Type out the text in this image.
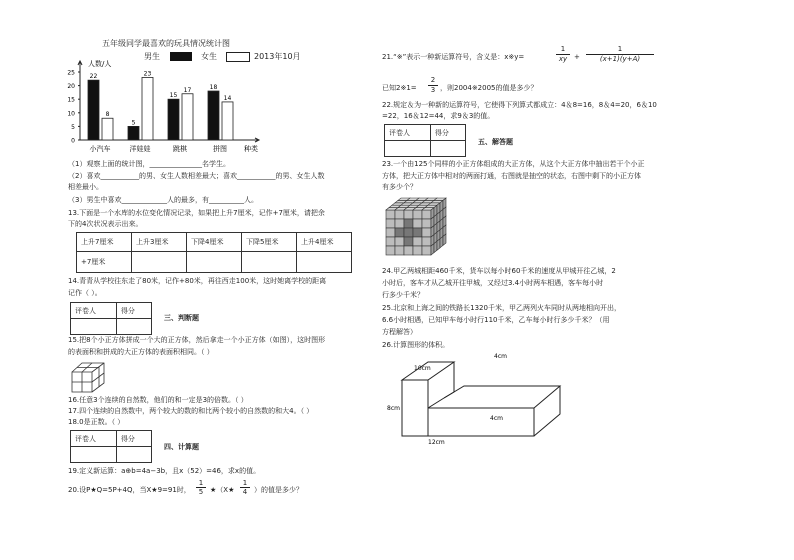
五年级同学最喜欢的玩具情况统计图
男生	女生	2013年10月
人数/人
种类
0
5
10
15
20
25
22
8
小汽车
5
23
洋娃娃
15
17
跳棋
18
14
拼图
（1）观察上面的统计图，_______________名学生。
（2）喜欢___________的男、女生人数相差最大；喜欢___________的男、女生人数
相差最小。
（3）男生中喜欢_____________人的最多，有__________人。
13.下面是一个水库的水位变化情况记录，如果把上升7厘米，记作+7厘米，请把余
下的4次状况表示出来。
上升7厘米	上升3厘米	下降4厘米	下降5厘米	上升4厘米
+7厘米				
14.青青从学校往东走了80米，记作+80米，再往西走100米，这时她离学校的距离
记作（ ）。
评卷人	得分

三、判断题
15.把8个小正方体拼成一个大的正方体，然后拿走一个小正方体（如图），这时图形
的表面积和拼成的大正方体的表面积相同。（ ）
16.任意3个连续的自然数，他们的和一定是3的倍数。（ ）
17.四个连续的自然数中，两个较大的数的和比两个较小的自然数的和大4。（ ）
18.0是正数。（ ）
评卷人	得分

四、计算题
19.定义新运算：a⊕b=4a−3b，且x（52）=46，求x的值。
20.设P★Q=5P+4Q，当X★9=91时， $\frac{1}{5}$ ★（X★ $\frac{1}{4}$ ）的值是多少？
21.“※”表示一种新运算符号，含义是：x※y=	$\frac{1}{xy} + \frac{1}{(x+1)(y+A)}$
已知2※1= $\frac{2}{3}$ ，则2004※2005的值是多少？
22.规定＆为一种新的运算符号，它使得下列算式都成立：4＆8=16，8＆4=20，6＆10
=22，16＆12=44，求9＆3的值。
评卷人	得分

五、解答题
23.一个由125个同样的小正方体组成的大正方体，从这个大正方体中抽出若干个小正
方体，把大正方体中相对的两面打通，右图就是抽空的状态，右图中剩下的小正方体
有多少个？
24.甲乙两城相距460千米，货车以每小时60千米的速度从甲城开往乙城，2
小时后，客车才从乙城开往甲城，又经过3.4小时两车相遇，客车每小时
行多少千米？
25.北京和上海之间的铁路长1320千米，甲乙两列火车同时从两地相向开出，
6.6小时相遇，已知甲车每小时行110千米，乙车每小时行多少千米？（用
方程解答）
26.计算图形的体积。
4cm
10cm
8cm
4cm
12cm
